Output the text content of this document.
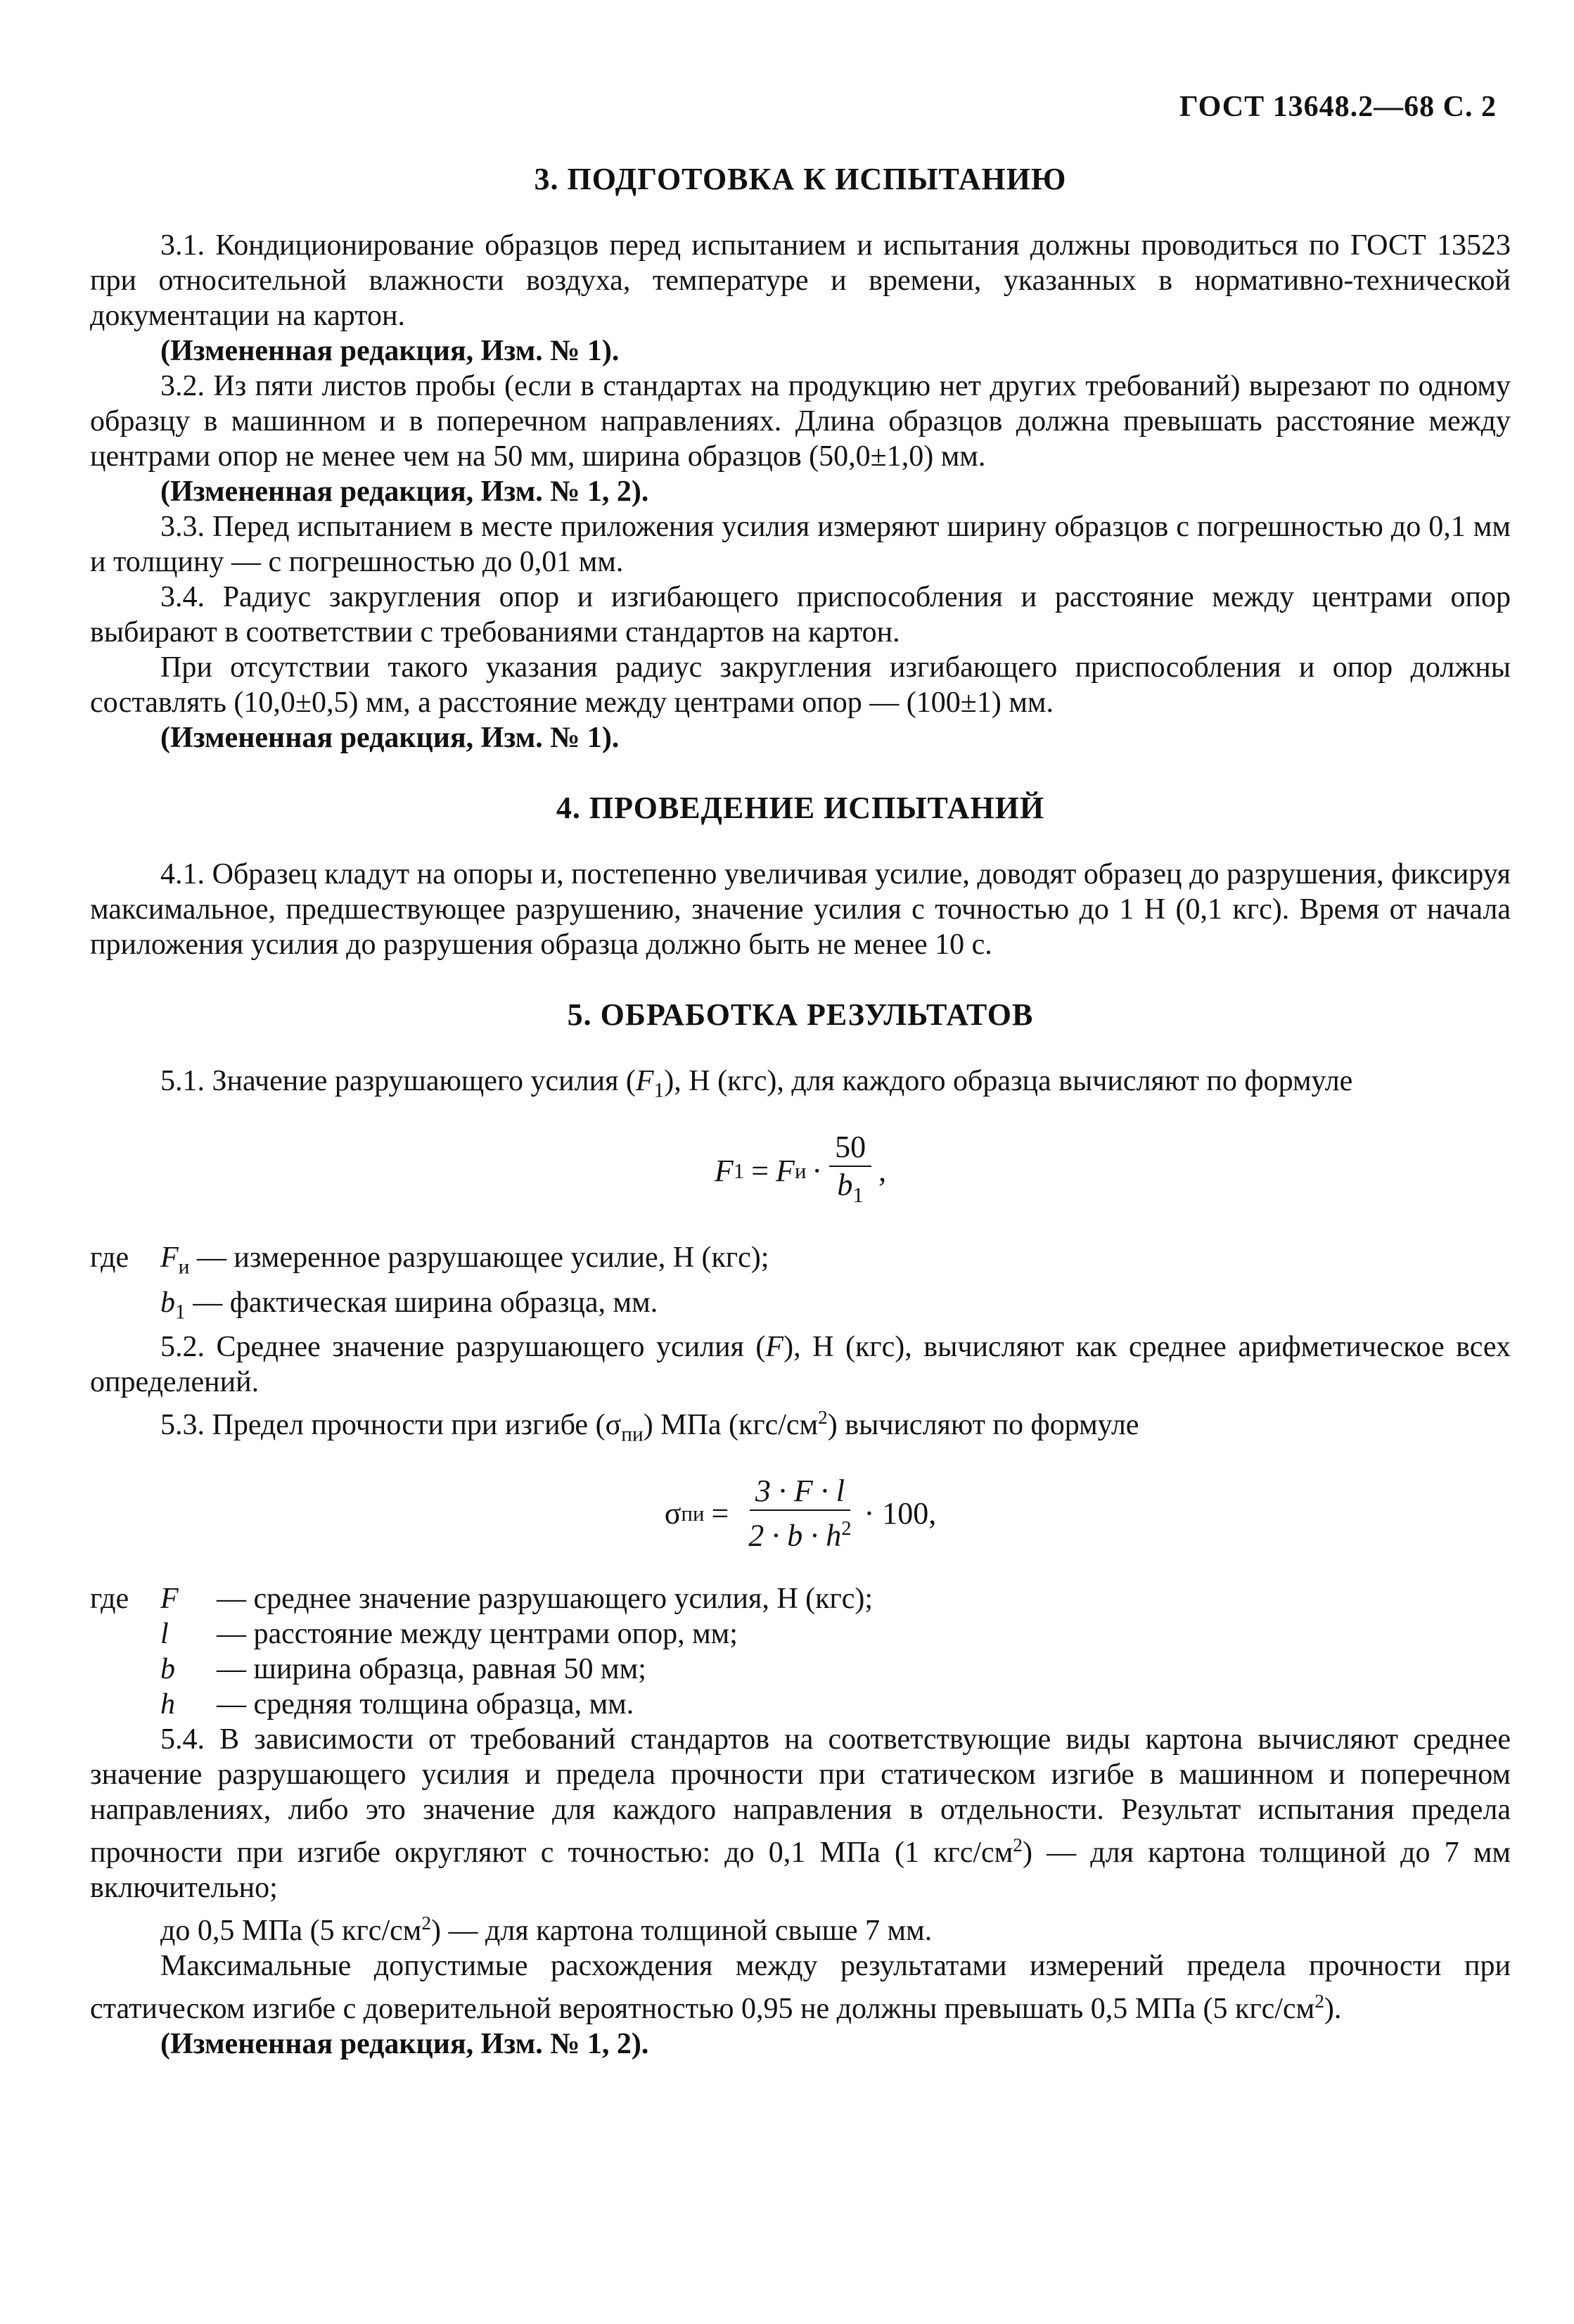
ГОСТ 13648.2—68 С. 2
3. ПОДГОТОВКА К ИСПЫТАНИЮ

3.1. Кондиционирование образцов перед испытанием и испытания должны проводиться по ГОСТ 13523 при относительной влажности воздуха, температуре и времени, указанных в нормативно-технической документации на картон.

(Измененная редакция, Изм. № 1).

3.2. Из пяти листов пробы (если в стандартах на продукцию нет других требований) вырезают по одному образцу в машинном и в поперечном направлениях. Длина образцов должна превышать расстояние между центрами опор не менее чем на 50 мм, ширина образцов (50,0±1,0) мм.

(Измененная редакция, Изм. № 1, 2).

3.3. Перед испытанием в месте приложения усилия измеряют ширину образцов с погрешностью до 0,1 мм и толщину — с погрешностью до 0,01 мм.

3.4. Радиус закругления опор и изгибающего приспособления и расстояние между центрами опор выбирают в соответствии с требованиями стандартов на картон.

При отсутствии такого указания радиус закругления изгибающего приспособления и опор должны составлять (10,0±0,5) мм, а расстояние между центрами опор — (100±1) мм.

(Измененная редакция, Изм. № 1).

4. ПРОВЕДЕНИЕ ИСПЫТАНИЙ

4.1. Образец кладут на опоры и, постепенно увеличивая усилие, доводят образец до разрушения, фиксируя максимальное, предшествующее разрушению, значение усилия с точностью до 1 Н (0,1 кгс). Время от начала приложения усилия до разрушения образца должно быть не менее 10 с.

5. ОБРАБОТКА РЕЗУЛЬТАТОВ

5.1. Значение разрушающего усилия $(F_1)$, Н (кгс), для каждого образца вычисляют по формуле

F 1 = F $и \cdot \frac{50}{b_1}$ ,
где	$F_и$ — измеренное разрушающее усилие, Н (кгс);
$b_1$ — фактическая ширина образца, мм.

5.2. Среднее значение разрушающего усилия (F), Н (кгс), вычисляют как среднее арифметическое всех определений.

5.3. Предел прочности при изгибе $(\sigma_{пи})$ МПа $(кгс/см^2)$ вычисляют по формуле

σ пи = $\frac{3 \cdot F \cdot l}{2 \cdot b \cdot h^2} \cdot 100$,
где	F	— среднее значение разрушающего усилия, Н (кгс);
l	— расстояние между центрами опор, мм;
b	— ширина образца, равная 50 мм;
h	— средняя толщина образца, мм.

5.4. В зависимости от требований стандартов на соответствующие виды картона вычисляют среднее значение разрушающего усилия и предела прочности при статическом изгибе в машинном и поперечном направлениях, либо это значение для каждого направления в отдельности. Результат испытания предела прочности при изгибе округляют с точностью: до 0,1 МПа (1 кгс/$см^2$) — для картона толщиной до 7 мм включительно;

до 0,5 МПа (5 кгс/$см^2$) — для картона толщиной свыше 7 мм.

Максимальные допустимые расхождения между результатами измерений предела прочности при статическом изгибе с доверительной вероятностью 0,95 не должны превышать 0,5 МПа (5 кгс/$см^2$).

(Измененная редакция, Изм. № 1, 2).
